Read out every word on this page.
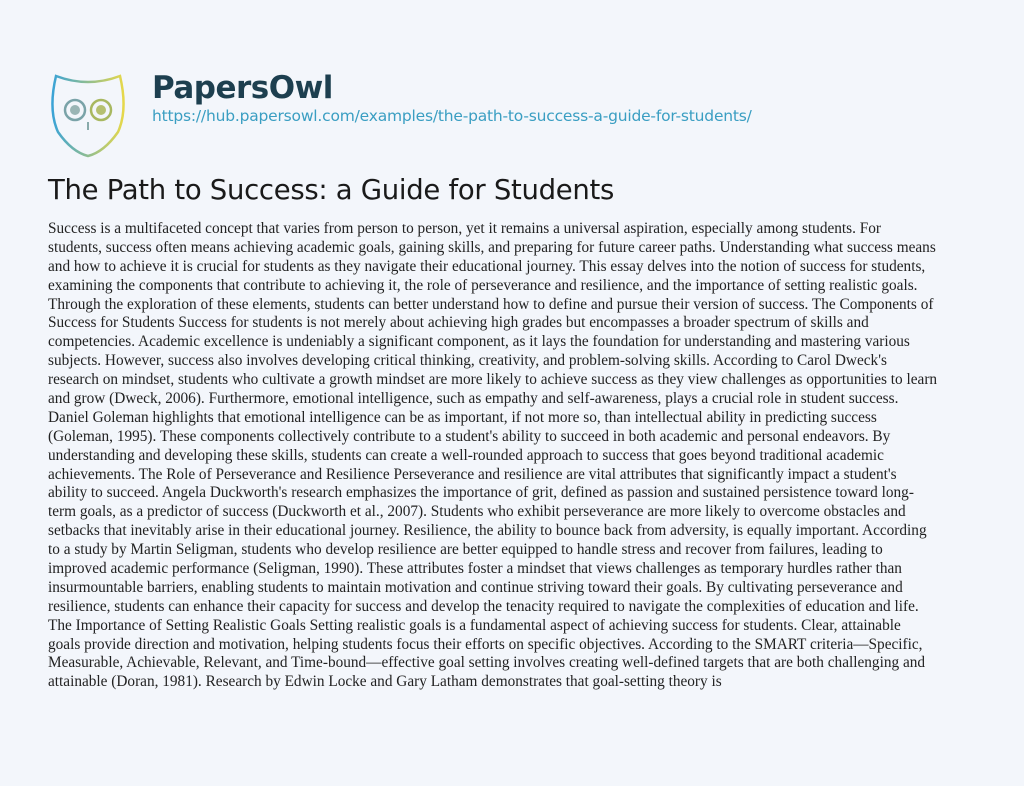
PapersOwl
https://hub.papersowl.com/examples/the-path-to-success-a-guide-for-students/
The Path to Success: a Guide for Students
Success is a multifaceted concept that varies from person to person, yet it remains a universal aspiration, especially among students. For
students, success often means achieving academic goals, gaining skills, and preparing for future career paths. Understanding what success means
and how to achieve it is crucial for students as they navigate their educational journey. This essay delves into the notion of success for students,
examining the components that contribute to achieving it, the role of perseverance and resilience, and the importance of setting realistic goals.
Through the exploration of these elements, students can better understand how to define and pursue their version of success. The Components of
Success for Students Success for students is not merely about achieving high grades but encompasses a broader spectrum of skills and
competencies. Academic excellence is undeniably a significant component, as it lays the foundation for understanding and mastering various
subjects. However, success also involves developing critical thinking, creativity, and problem-solving skills. According to Carol Dweck's
research on mindset, students who cultivate a growth mindset are more likely to achieve success as they view challenges as opportunities to learn
and grow (Dweck, 2006). Furthermore, emotional intelligence, such as empathy and self-awareness, plays a crucial role in student success.
Daniel Goleman highlights that emotional intelligence can be as important, if not more so, than intellectual ability in predicting success
(Goleman, 1995). These components collectively contribute to a student's ability to succeed in both academic and personal endeavors. By
understanding and developing these skills, students can create a well-rounded approach to success that goes beyond traditional academic
achievements. The Role of Perseverance and Resilience Perseverance and resilience are vital attributes that significantly impact a student's
ability to succeed. Angela Duckworth's research emphasizes the importance of grit, defined as passion and sustained persistence toward long-
term goals, as a predictor of success (Duckworth et al., 2007). Students who exhibit perseverance are more likely to overcome obstacles and
setbacks that inevitably arise in their educational journey. Resilience, the ability to bounce back from adversity, is equally important. According
to a study by Martin Seligman, students who develop resilience are better equipped to handle stress and recover from failures, leading to
improved academic performance (Seligman, 1990). These attributes foster a mindset that views challenges as temporary hurdles rather than
insurmountable barriers, enabling students to maintain motivation and continue striving toward their goals. By cultivating perseverance and
resilience, students can enhance their capacity for success and develop the tenacity required to navigate the complexities of education and life.
The Importance of Setting Realistic Goals Setting realistic goals is a fundamental aspect of achieving success for students. Clear, attainable
goals provide direction and motivation, helping students focus their efforts on specific objectives. According to the SMART criteria—Specific,
Measurable, Achievable, Relevant, and Time-bound—effective goal setting involves creating well-defined targets that are both challenging and
attainable (Doran, 1981). Research by Edwin Locke and Gary Latham demonstrates that goal-setting theory is
